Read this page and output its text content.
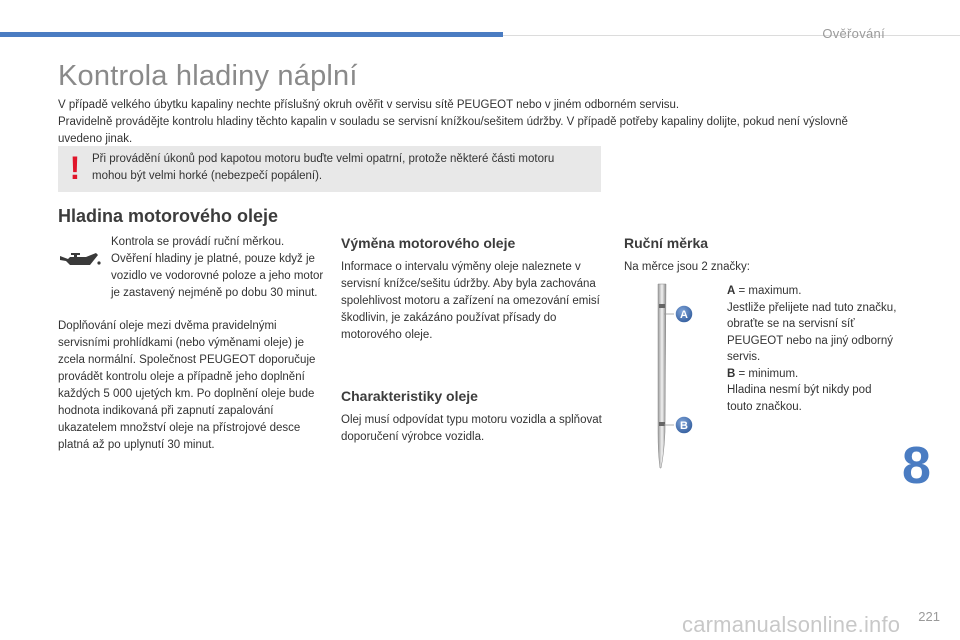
Ověřování
Kontrola hladiny náplní

V případě velkého úbytku kapaliny nechte příslušný okruh ověřit v servisu sítě PEUGEOT nebo v jiném odborném servisu.

Pravidelně provádějte kontrolu hladiny těchto kapalin v souladu se servisní knížkou/sešitem údržby. V případě potřeby kapaliny dolijte, pokud není výslovně uvedeno jinak.

! Při provádění úkonů pod kapotou motoru buďte velmi opatrní, protože některé části motoru mohou být velmi horké (nebezpečí popálení).
Hladina motorového oleje
Kontrola se provádí ruční měrkou. Ověření hladiny je platné, pouze když je vozidlo ve vodorovné poloze a jeho motor je zastavený nejméně po dobu 30 minut.
Doplňování oleje mezi dvěma pravidelnými servisními prohlídkami (nebo výměnami oleje) je zcela normální. Společnost PEUGEOT doporučuje provádět kontrolu oleje a případně jeho doplnění každých 5 000 ujetých km. Po doplnění oleje bude hodnota indikovaná při zapnutí zapalování ukazatelem množství oleje na přístrojové desce platná až po uplynutí 30 minut.
Výměna motorového oleje
Informace o intervalu výměny oleje naleznete v servisní knížce/sešitu údržby. Aby byla zachována spolehlivost motoru a zařízení na omezování emisí škodlivin, je zakázáno používat přísady do motorového oleje.
Charakteristiky oleje
Olej musí odpovídat typu motoru vozidla a splňovat doporučení výrobce vozidla.
Ruční měrka
Na měrce jsou 2 značky:
A
B
A = maximum.
Jestliže přelijete nad tuto značku, obraťte se na servisní síť PEUGEOT nebo na jiný odborný servis.
B = minimum.
Hladina nesmí být nikdy pod touto značkou.
8
221
carmanualsonline.info
